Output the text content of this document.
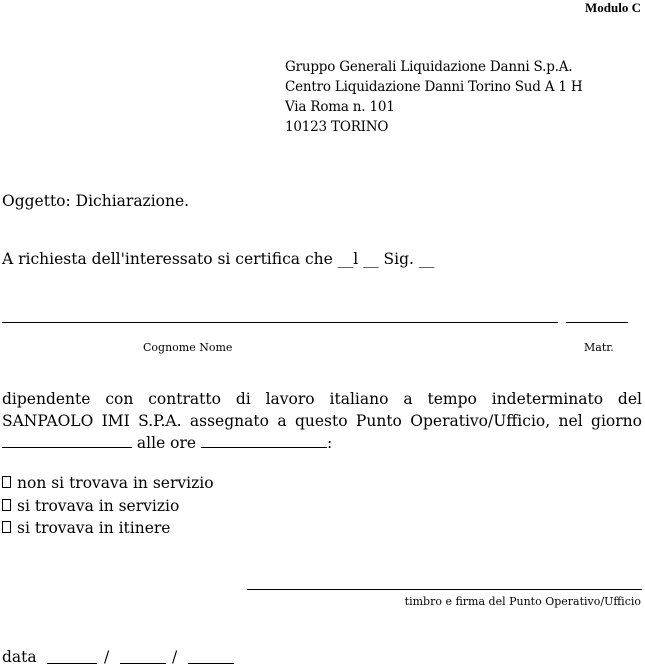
Modulo C
Gruppo Generali Liquidazione Danni S.p.A.
Centro Liquidazione Danni Torino Sud A 1 H
Via Roma n. 101
10123 TORINO
Oggetto: Dichiarazione.
A richiesta dell'interessato si certifica che __l __ Sig. __
Cognome Nome	Matr.
dipendente con contratto di lavoro italiano a tempo indeterminato del SANPAOLO IMI S.P.A. assegnato a questo Punto Operativo/Ufficio, nel giorno alle ore	:
non si trovava in servizio
si trovava in servizio
si trovava in itinere
timbro e firma del Punto Operativo/Ufficio
data	/	/
